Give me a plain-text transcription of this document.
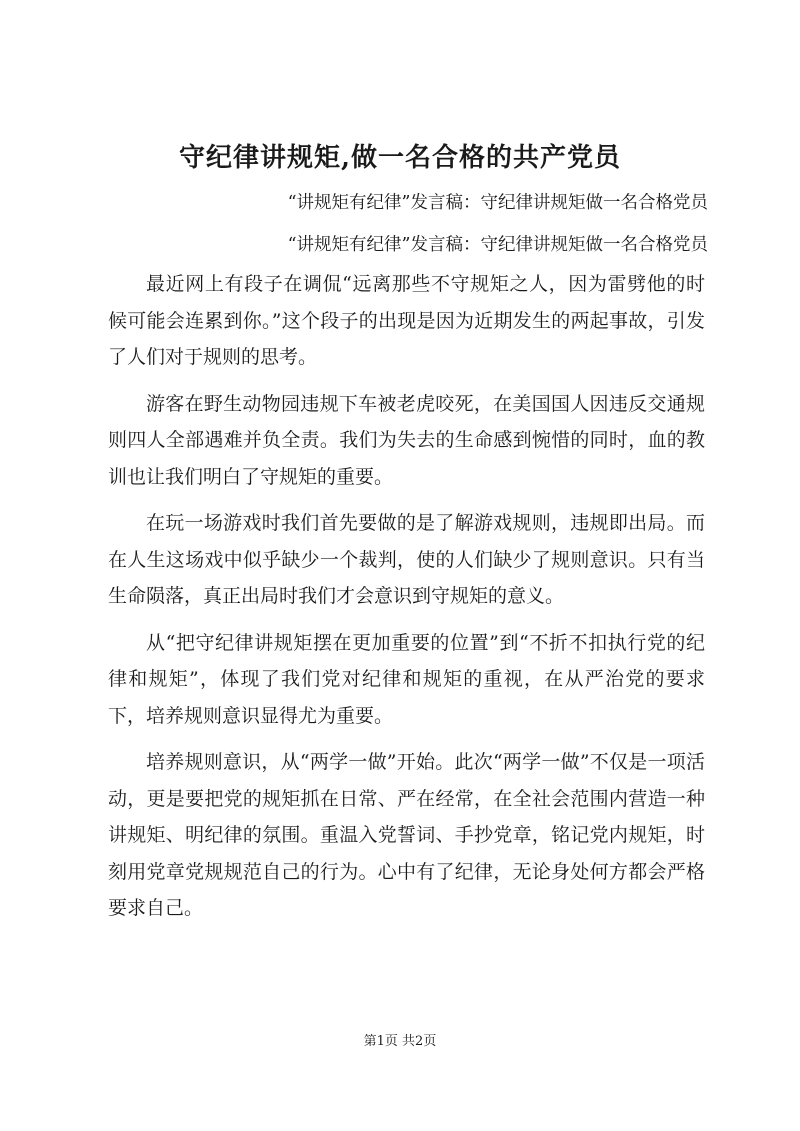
守纪律讲规矩,做一名合格的共产党员
“讲规矩有纪律”发言稿：守纪律讲规矩做一名合格党员
“讲规矩有纪律”发言稿：守纪律讲规矩做一名合格党员

最近网上有段子在调侃“远离那些不守规矩之人，因为雷劈他的时候可能会连累到你。”这个段子的出现是因为近期发生的两起事故，引发了人们对于规则的思考。

游客在野生动物园违规下车被老虎咬死，在美国国人因违反交通规则四人全部遇难并负全责。我们为失去的生命感到惋惜的同时，血的教训也让我们明白了守规矩的重要。

在玩一场游戏时我们首先要做的是了解游戏规则，违规即出局。而在人生这场戏中似乎缺少一个裁判，使的人们缺少了规则意识。只有当生命陨落，真正出局时我们才会意识到守规矩的意义。

从“把守纪律讲规矩摆在更加重要的位置”到“不折不扣执行党的纪律和规矩”，体现了我们党对纪律和规矩的重视，在从严治党的要求下，培养规则意识显得尤为重要。

培养规则意识，从“两学一做”开始。此次“两学一做”不仅是一项活动，更是要把党的规矩抓在日常、严在经常，在全社会范围内营造一种讲规矩、明纪律的氛围。重温入党誓词、手抄党章，铭记党内规矩，时刻用党章党规规范自己的行为。心中有了纪律，无论身处何方都会严格要求自己。

第1页 共2页
